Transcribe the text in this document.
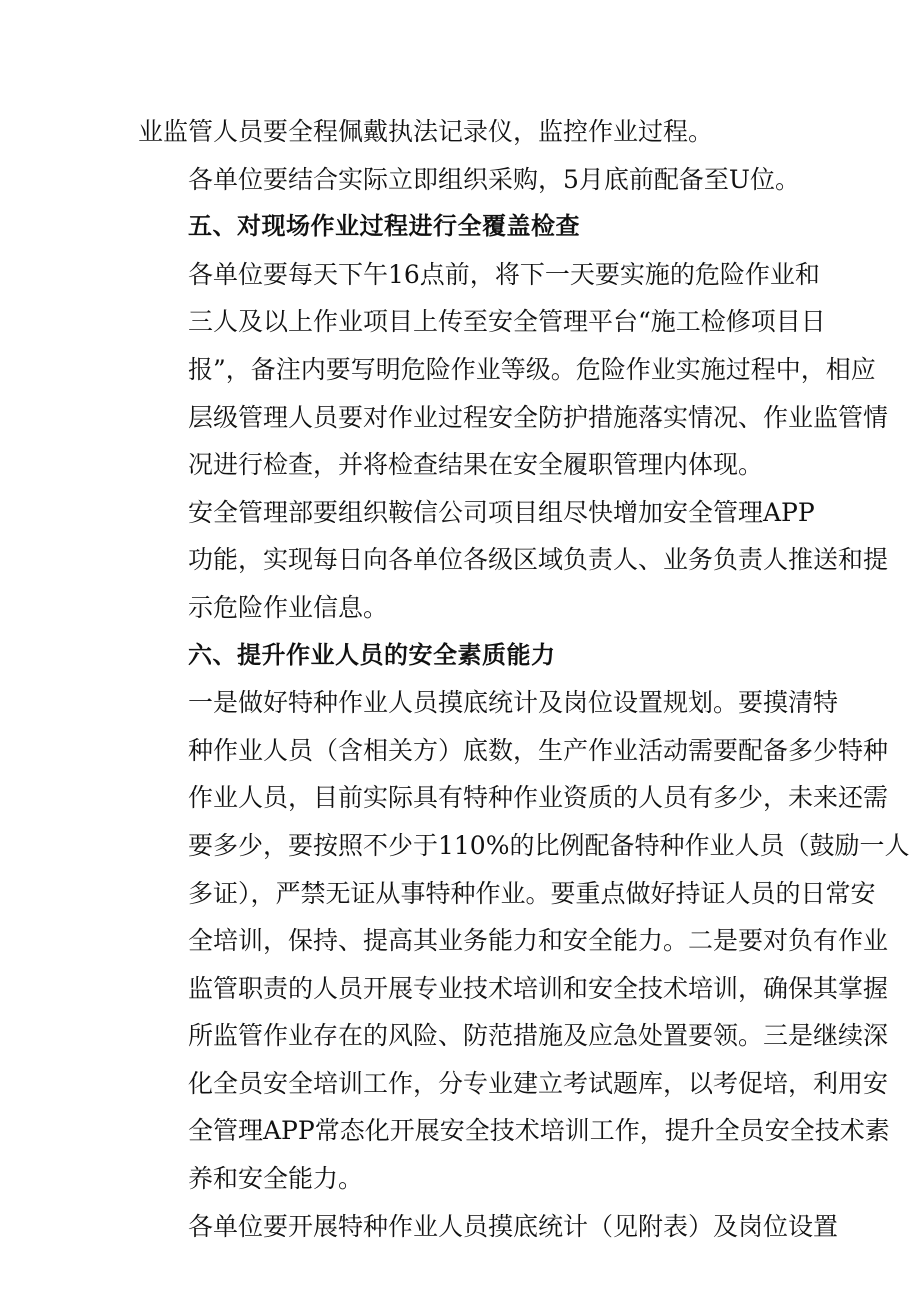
业监管人员要全程佩戴执法记录仪，监控作业过程。
各单位要结合实际立即组织采购，5月底前配备至U位。
五、对现场作业过程进行全覆盖检查
各单位要每天下午16点前，将下一天要实施的危险作业和
三人及以上作业项目上传至安全管理平台“施工检修项目日
报”，备注内要写明危险作业等级。危险作业实施过程中，相应
层级管理人员要对作业过程安全防护措施落实情况、作业监管情
况进行检查，并将检查结果在安全履职管理内体现。
安全管理部要组织鞍信公司项目组尽快增加安全管理APP
功能，实现每日向各单位各级区域负责人、业务负责人推送和提
示危险作业信息。
六、提升作业人员的安全素质能力
一是做好特种作业人员摸底统计及岗位设置规划。要摸清特
种作业人员（含相关方）底数，生产作业活动需要配备多少特种
作业人员，目前实际具有特种作业资质的人员有多少，未来还需
要多少，要按照不少于110%的比例配备特种作业人员（鼓励一人
多证），严禁无证从事特种作业。要重点做好持证人员的日常安
全培训，保持、提高其业务能力和安全能力。二是要对负有作业
监管职责的人员开展专业技术培训和安全技术培训，确保其掌握
所监管作业存在的风险、防范措施及应急处置要领。三是继续深
化全员安全培训工作，分专业建立考试题库，以考促培，利用安
全管理APP常态化开展安全技术培训工作，提升全员安全技术素
养和安全能力。
各单位要开展特种作业人员摸底统计（见附表）及岗位设置
